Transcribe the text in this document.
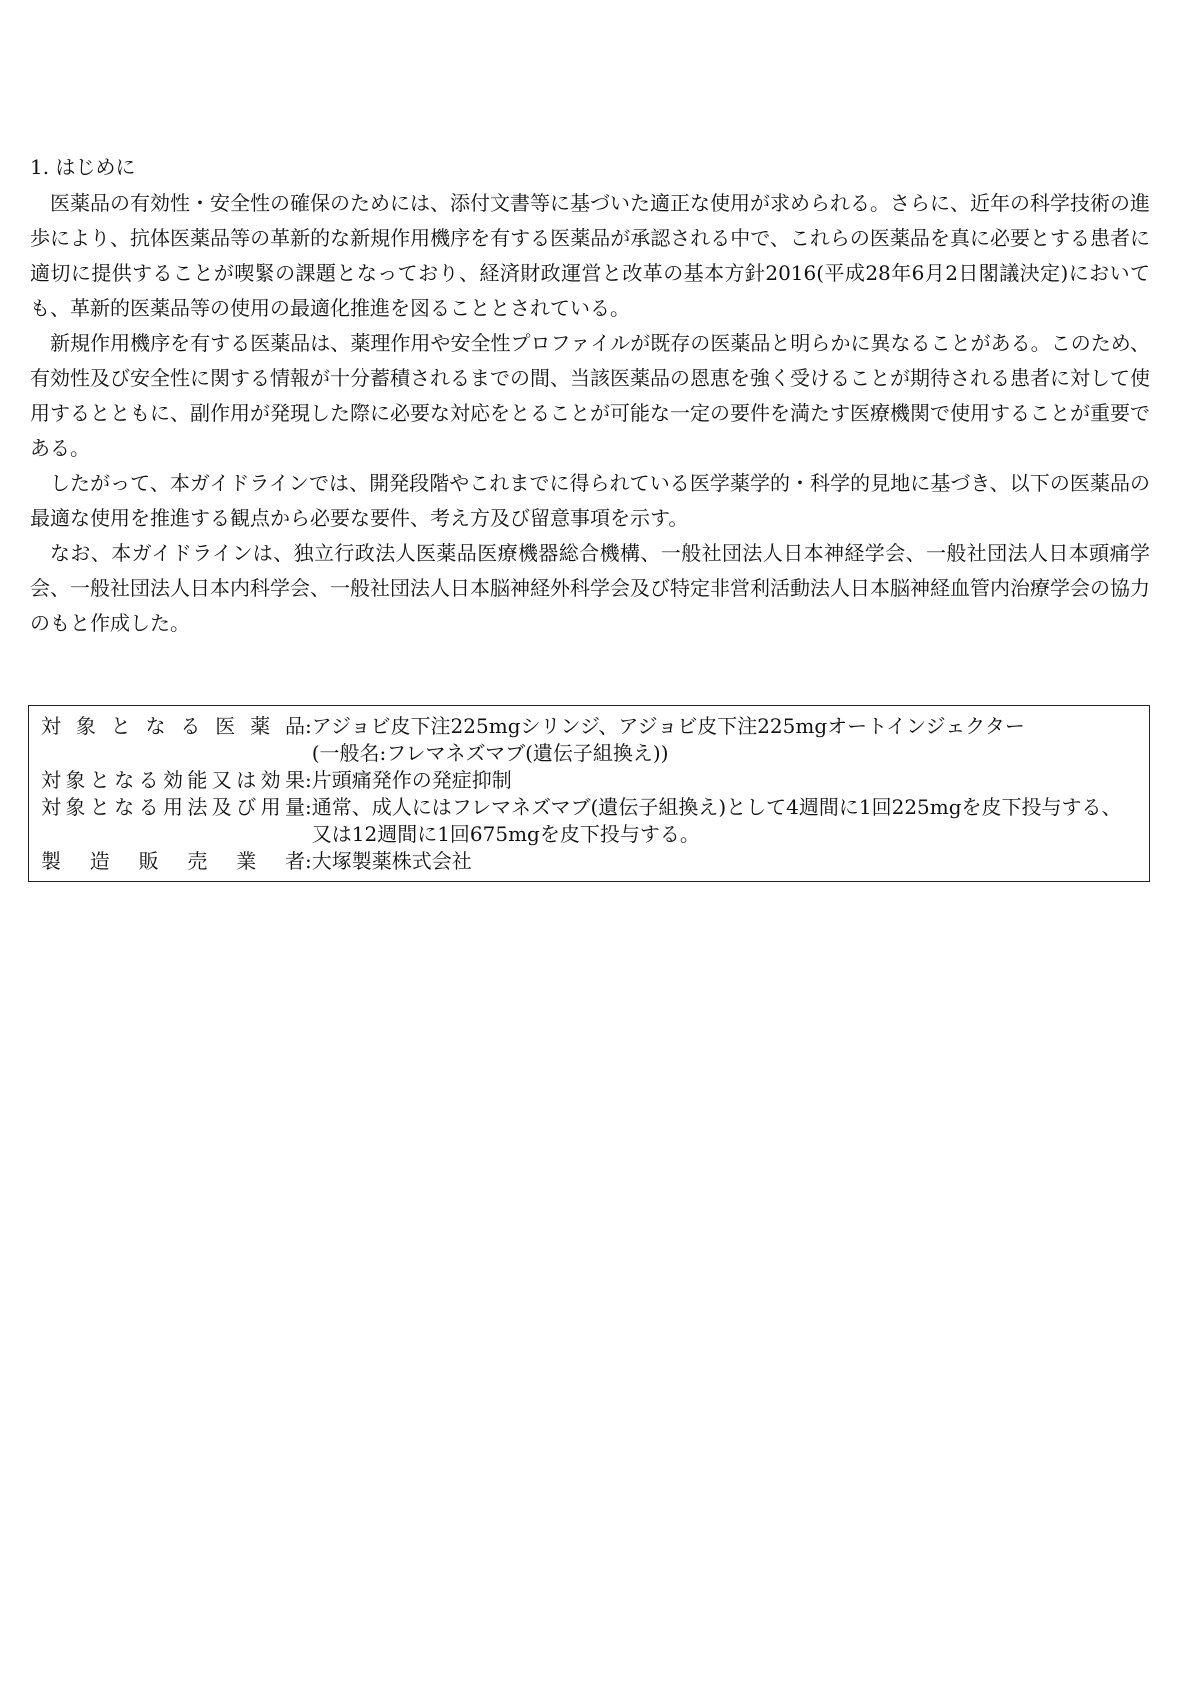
1. はじめに

医薬品の有効性・安全性の確保のためには、添付文書等に基づいた適正な使用が求められる。さらに、近年の科学技術の進歩により、抗体医薬品等の革新的な新規作用機序を有する医薬品が承認される中で、これらの医薬品を真に必要とする患者に適切に提供することが喫緊の課題となっており、経済財政運営と改革の基本方針2016(平成28年6月2日閣議決定)においても、革新的医薬品等の使用の最適化推進を図ることとされている。

新規作用機序を有する医薬品は、薬理作用や安全性プロファイルが既存の医薬品と明らかに異なることがある。このため、有効性及び安全性に関する情報が十分蓄積されるまでの間、当該医薬品の恩恵を強く受けることが期待される患者に対して使用するとともに、副作用が発現した際に必要な対応をとることが可能な一定の要件を満たす医療機関で使用することが重要である。

したがって、本ガイドラインでは、開発段階やこれまでに得られている医学薬学的・科学的見地に基づき、以下の医薬品の最適な使用を推進する観点から必要な要件、考え方及び留意事項を示す。

なお、本ガイドラインは、独立行政法人医薬品医療機器総合機構、一般社団法人日本神経学会、一般社団法人日本頭痛学会、一般社団法人日本内科学会、一般社団法人日本脳神経外科学会及び特定非営利活動法人日本脳神経血管内治療学会の協力のもと作成した。

対象となる医薬品 : アジョビ皮下注225mgシリンジ、アジョビ皮下注225mgオートインジェクター
(一般名:フレマネズマブ(遺伝子組換え))
対象となる効能又は効果 : 片頭痛発作の発症抑制
対象となる用法及び用量 : 通常、成人にはフレマネズマブ(遺伝子組換え)として4週間に1回225mgを皮下投与する、
又は12週間に1回675mgを皮下投与する。
製造販売業者 : 大塚製薬株式会社
